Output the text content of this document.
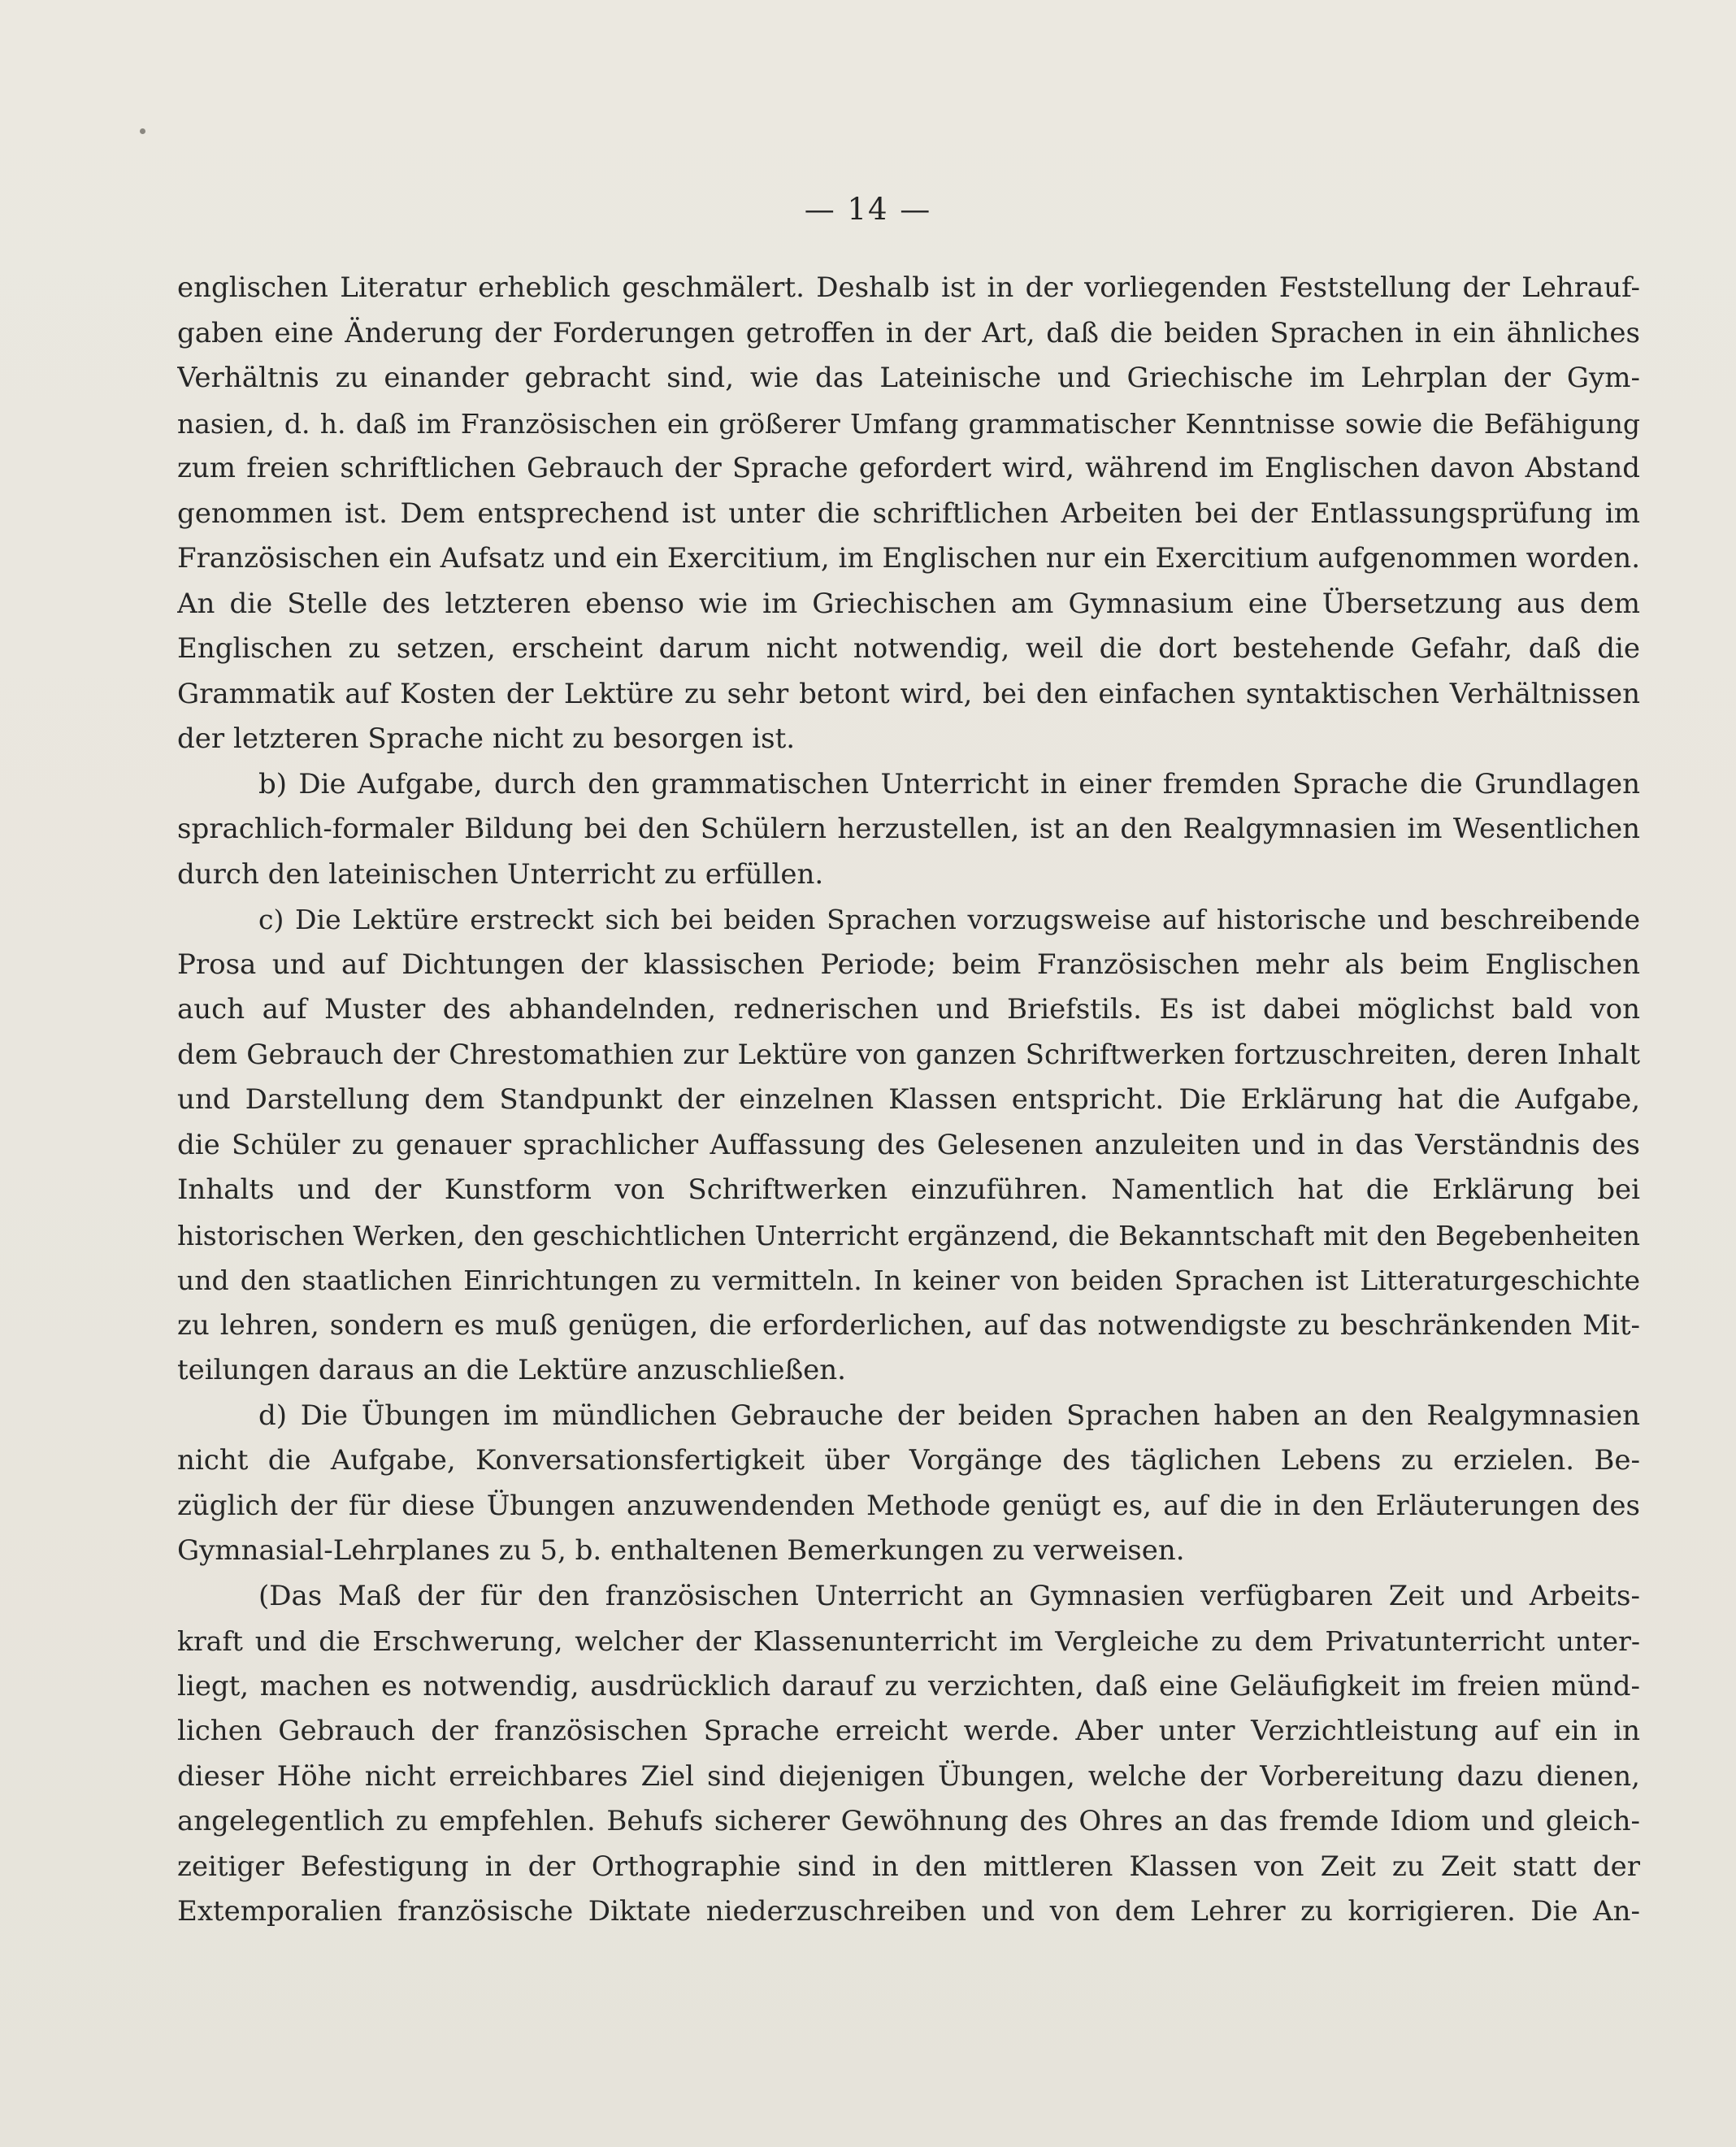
— 14 —
englischen Literatur erheblich geschmälert. Deshalb ist in der vorliegenden Feststellung der Lehrauf-
gaben eine Änderung der Forderungen getroffen in der Art, daß die beiden Sprachen in ein ähnliches
Verhältnis zu einander gebracht sind, wie das Lateinische und Griechische im Lehrplan der Gym-
nasien, d. h. daß im Französischen ein größerer Umfang grammatischer Kenntnisse sowie die Befähigung
zum freien schriftlichen Gebrauch der Sprache gefordert wird, während im Englischen davon Abstand
genommen ist. Dem entsprechend ist unter die schriftlichen Arbeiten bei der Entlassungsprüfung im
Französischen ein Aufsatz und ein Exercitium, im Englischen nur ein Exercitium aufgenommen worden.
An die Stelle des letzteren ebenso wie im Griechischen am Gymnasium eine Übersetzung aus dem
Englischen zu setzen, erscheint darum nicht notwendig, weil die dort bestehende Gefahr, daß die
Grammatik auf Kosten der Lektüre zu sehr betont wird, bei den einfachen syntaktischen Verhältnissen
der letzteren Sprache nicht zu besorgen ist.
b) Die Aufgabe, durch den grammatischen Unterricht in einer fremden Sprache die Grundlagen
sprachlich-formaler Bildung bei den Schülern herzustellen, ist an den Realgymnasien im Wesentlichen
durch den lateinischen Unterricht zu erfüllen.
c) Die Lektüre erstreckt sich bei beiden Sprachen vorzugsweise auf historische und beschreibende
Prosa und auf Dichtungen der klassischen Periode; beim Französischen mehr als beim Englischen
auch auf Muster des abhandelnden, rednerischen und Briefstils. Es ist dabei möglichst bald von
dem Gebrauch der Chrestomathien zur Lektüre von ganzen Schriftwerken fortzuschreiten, deren Inhalt
und Darstellung dem Standpunkt der einzelnen Klassen entspricht. Die Erklärung hat die Aufgabe,
die Schüler zu genauer sprachlicher Auffassung des Gelesenen anzuleiten und in das Verständnis des
Inhalts und der Kunstform von Schriftwerken einzuführen. Namentlich hat die Erklärung bei
historischen Werken, den geschichtlichen Unterricht ergänzend, die Bekanntschaft mit den Begebenheiten
und den staatlichen Einrichtungen zu vermitteln. In keiner von beiden Sprachen ist Litteraturgeschichte
zu lehren, sondern es muß genügen, die erforderlichen, auf das notwendigste zu beschränkenden Mit-
teilungen daraus an die Lektüre anzuschließen.
d) Die Übungen im mündlichen Gebrauche der beiden Sprachen haben an den Realgymnasien
nicht die Aufgabe, Konversationsfertigkeit über Vorgänge des täglichen Lebens zu erzielen. Be-
züglich der für diese Übungen anzuwendenden Methode genügt es, auf die in den Erläuterungen des
Gymnasial-Lehrplanes zu 5, b. enthaltenen Bemerkungen zu verweisen.
(Das Maß der für den französischen Unterricht an Gymnasien verfügbaren Zeit und Arbeits-
kraft und die Erschwerung, welcher der Klassenunterricht im Vergleiche zu dem Privatunterricht unter-
liegt, machen es notwendig, ausdrücklich darauf zu verzichten, daß eine Geläufigkeit im freien münd-
lichen Gebrauch der französischen Sprache erreicht werde. Aber unter Verzichtleistung auf ein in
dieser Höhe nicht erreichbares Ziel sind diejenigen Übungen, welche der Vorbereitung dazu dienen,
angelegentlich zu empfehlen. Behufs sicherer Gewöhnung des Ohres an das fremde Idiom und gleich-
zeitiger Befestigung in der Orthographie sind in den mittleren Klassen von Zeit zu Zeit statt der
Extemporalien französische Diktate niederzuschreiben und von dem Lehrer zu korrigieren. Die An-
